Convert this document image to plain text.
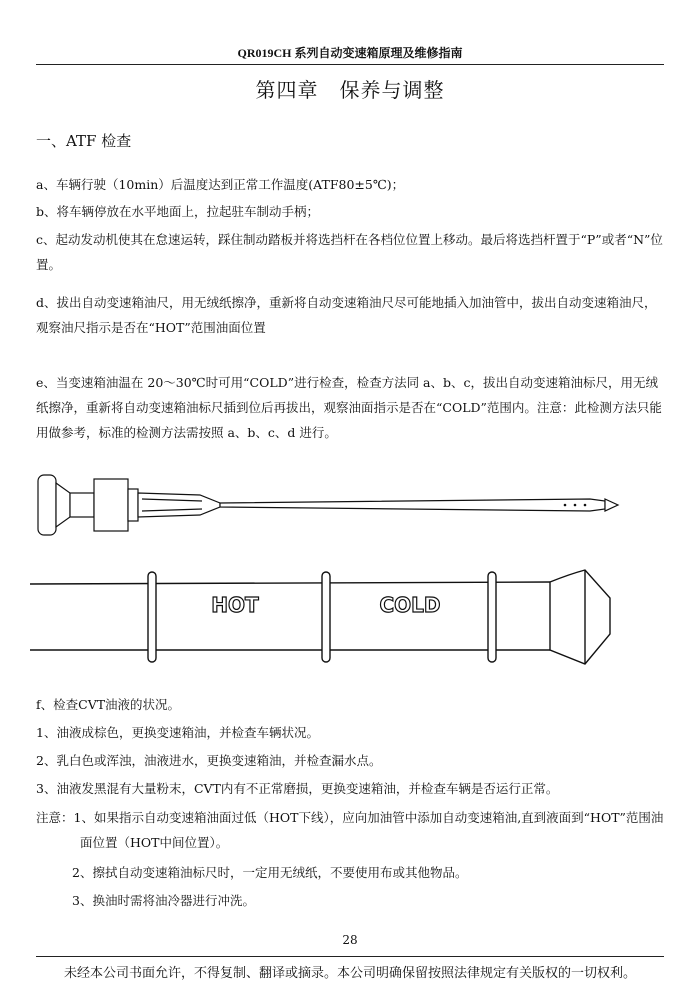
QR019CH 系列自动变速箱原理及维修指南
第四章　保养与调整
一、ATF 检查
a、车辆行驶（10min）后温度达到正常工作温度(ATF80±5℃)；
b、将车辆停放在水平地面上，拉起驻车制动手柄；
c、起动发动机使其在怠速运转，踩住制动踏板并将选挡杆在各档位位置上移动。最后将选挡杆置于“P”或者“N”位置。
d、拔出自动变速箱油尺，用无绒纸擦净，重新将自动变速箱油尺尽可能地插入加油管中，拔出自动变速箱油尺，观察油尺指示是否在“HOT”范围油面位置
e、当变速箱油温在 20～30℃时可用“COLD”进行检查，检查方法同 a、b、c，拔出自动变速箱油标尺，用无绒纸擦净，重新将自动变速箱油标尺插到位后再拔出，观察油面指示是否在“COLD”范围内。注意：此检测方法只能用做参考，标准的检测方法需按照 a、b、c、d 进行。
HOT	COLD
f、检查CVT油液的状况。
1、油液成棕色，更换变速箱油，并检查车辆状况。
2、乳白色或浑浊，油液进水，更换变速箱油，并检查漏水点。
3、油液发黑混有大量粉末，CVT内有不正常磨损，更换变速箱油，并检查车辆是否运行正常。
注意：1、如果指示自动变速箱油面过低（HOT下线），应向加油管中添加自动变速箱油,直到液面到“HOT”范围油面位置（HOT中间位置）。
2、擦拭自动变速箱油标尺时，一定用无绒纸，不要使用布或其他物品。
3、换油时需将油冷器进行冲洗。
28
未经本公司书面允许，不得复制、翻译或摘录。本公司明确保留按照法律规定有关版权的一切权利。
